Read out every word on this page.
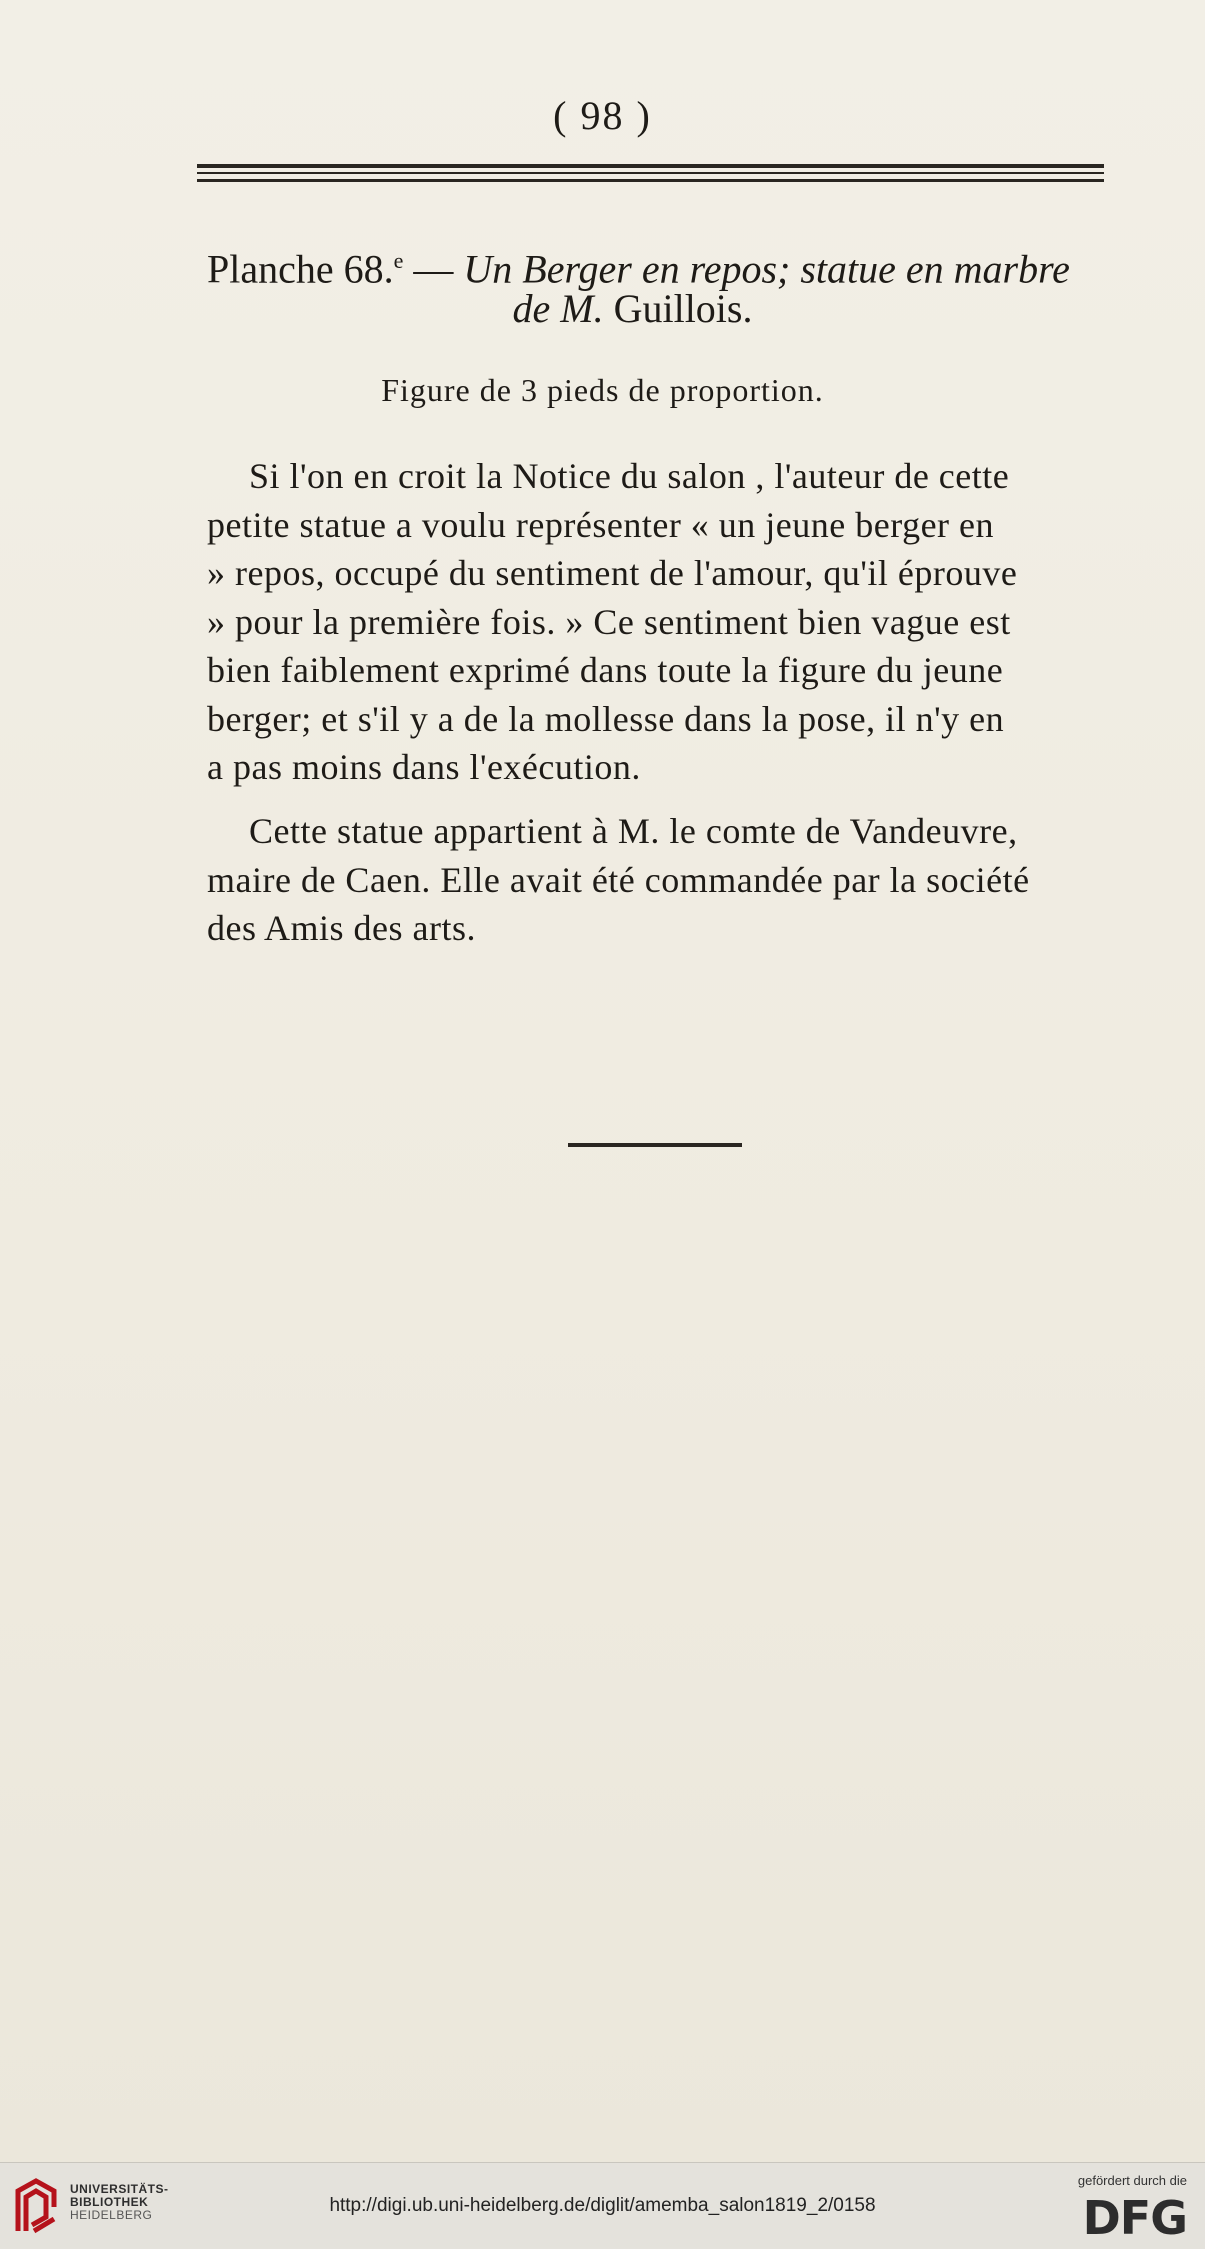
( 98 )
Planche 68.$^e$ — Un Berger en repos; statue en marbre
de M. Guillois.
Figure de 3 pieds de proportion.

Si l'on en croit la Notice du salon , l'auteur de cette

petite statue a voulu représenter « un jeune berger en

» repos, occupé du sentiment de l'amour, qu'il éprouve

» pour la première fois. » Ce sentiment bien vague est

bien faiblement exprimé dans toute la figure du jeune

berger; et s'il y a de la mollesse dans la pose, il n'y en

a pas moins dans l'exécution.

Cette statue appartient à M. le comte de Vandeuvre,

maire de Caen. Elle avait été commandée par la société

des Amis des arts.

UNIVERSITÄTS-
BIBLIOTHEK
HEIDELBERG	http://digi.ub.uni-heidelberg.de/diglit/amemba_salon1819_2/0158
gefördert durch die
DFG
